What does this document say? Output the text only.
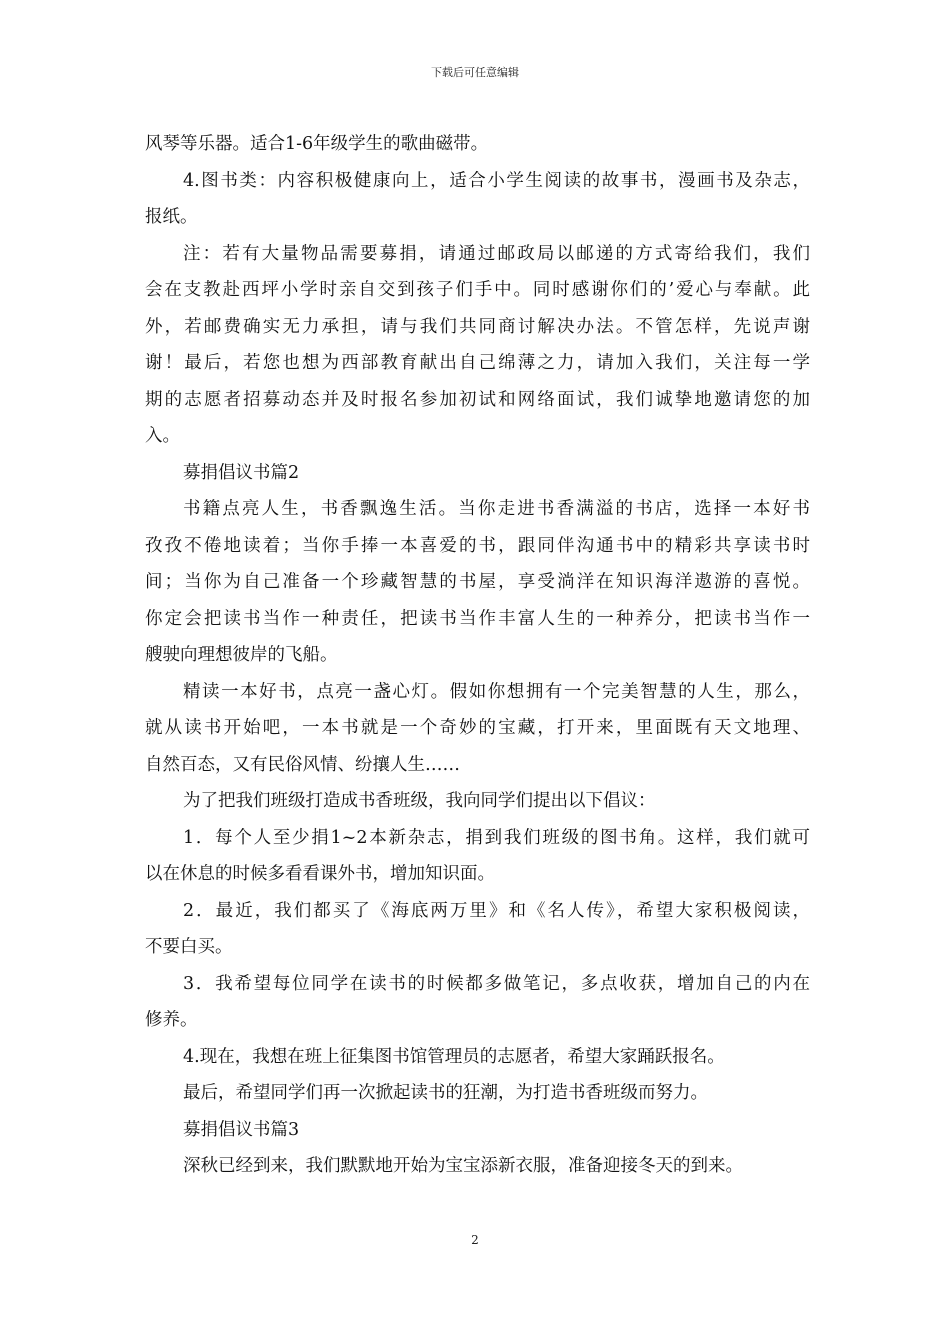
下载后可任意编辑
风琴等乐器。适合1-6年级学生的歌曲磁带。
4.图书类：内容积极健康向上，适合小学生阅读的故事书，漫画书及杂志，
报纸。
注：若有大量物品需要募捐，请通过邮政局以邮递的方式寄给我们，我们
会在支教赴西坪小学时亲自交到孩子们手中。同时感谢你们的’爱心与奉献。此
外，若邮费确实无力承担，请与我们共同商讨解决办法。不管怎样，先说声谢
谢！最后，若您也想为西部教育献出自己绵薄之力，请加入我们，关注每一学
期的志愿者招募动态并及时报名参加初试和网络面试，我们诚挚地邀请您的加
入。
募捐倡议书篇2
书籍点亮人生，书香飘逸生活。当你走进书香满溢的书店，选择一本好书
孜孜不倦地读着；当你手捧一本喜爱的书，跟同伴沟通书中的精彩共享读书时
间；当你为自己准备一个珍藏智慧的书屋，享受淌洋在知识海洋遨游的喜悦。
你定会把读书当作一种责任，把读书当作丰富人生的一种养分，把读书当作一
艘驶向理想彼岸的飞船。
精读一本好书，点亮一盏心灯。假如你想拥有一个完美智慧的人生，那么，
就从读书开始吧，一本书就是一个奇妙的宝藏，打开来，里面既有天文地理、
自然百态，又有民俗风情、纷攘人生……
为了把我们班级打造成书香班级，我向同学们提出以下倡议：
1．每个人至少捐1~2本新杂志，捐到我们班级的图书角。这样，我们就可
以在休息的时候多看看课外书，增加知识面。
2．最近，我们都买了《海底两万里》和《名人传》，希望大家积极阅读，
不要白买。
3．我希望每位同学在读书的时候都多做笔记，多点收获，增加自己的内在
修养。
4.现在，我想在班上征集图书馆管理员的志愿者，希望大家踊跃报名。
最后，希望同学们再一次掀起读书的狂潮，为打造书香班级而努力。
募捐倡议书篇3
深秋已经到来，我们默默地开始为宝宝添新衣服，准备迎接冬天的到来。
2
